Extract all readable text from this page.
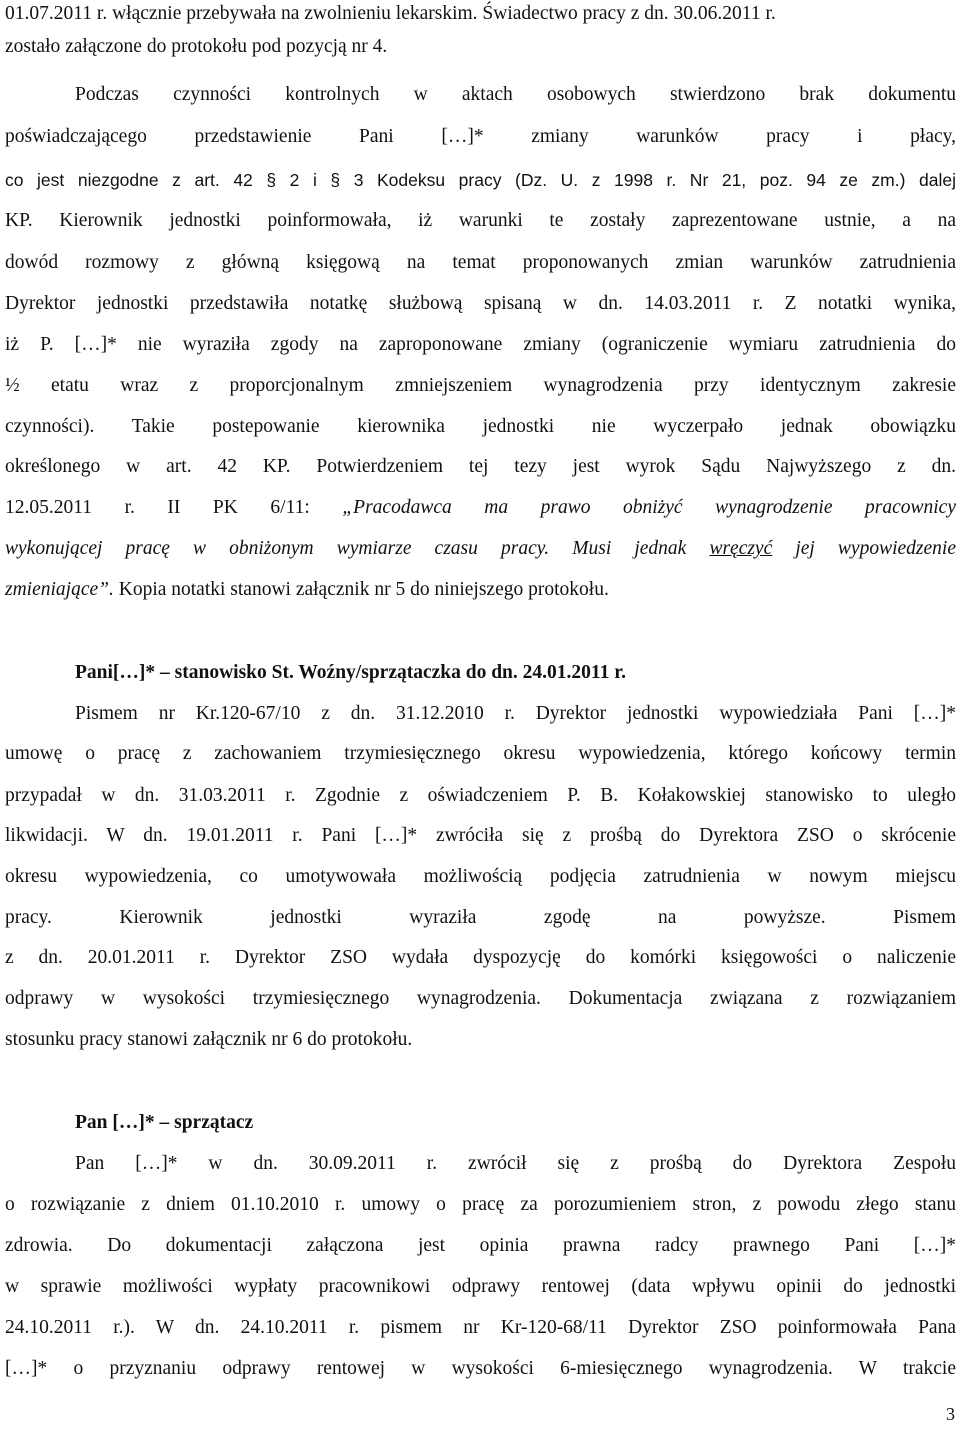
01.07.2011 r. włącznie przebywała na zwolnieniu lekarskim. Świadectwo pracy z dn. 30.06.2011 r.
zostało załączone do protokołu pod pozycją nr 4.
Podczas czynności kontrolnych w aktach osobowych stwierdzono brak dokumentu
poświadczającego przedstawienie Pani […]* zmiany warunków pracy i płacy,
co jest niezgodne z art. 42 § 2 i § 3 Kodeksu pracy (Dz. U. z 1998 r. Nr 21, poz. 94 ze zm.) dalej
KP. Kierownik jednostki poinformowała, iż warunki te zostały zaprezentowane ustnie, a na
dowód rozmowy z główną księgową na temat proponowanych zmian warunków zatrudnienia
Dyrektor jednostki przedstawiła notatkę służbową spisaną w dn. 14.03.2011 r. Z notatki wynika,
iż P. […]* nie wyraziła zgody na zaproponowane zmiany (ograniczenie wymiaru zatrudnienia do
½ etatu wraz z proporcjonalnym zmniejszeniem wynagrodzenia przy identycznym zakresie
czynności). Takie postepowanie kierownika jednostki nie wyczerpało jednak obowiązku
określonego w art. 42 KP. Potwierdzeniem tej tezy jest wyrok Sądu Najwyższego z dn.
12.05.2011 r. II PK 6/11: „Pracodawca ma prawo obniżyć wynagrodzenie pracownicy
wykonującej pracę w obniżonym wymiarze czasu pracy. Musi jednak wręczyć jej wypowiedzenie
zmieniające”. Kopia notatki stanowi załącznik nr 5 do niniejszego protokołu.
Pani[…]* – stanowisko St. Woźny/sprzątaczka do dn. 24.01.2011 r.
Pismem nr Kr.120-67/10 z dn. 31.12.2010 r. Dyrektor jednostki wypowiedziała Pani […]*
umowę o pracę z zachowaniem trzymiesięcznego okresu wypowiedzenia, którego końcowy termin
przypadał w dn. 31.03.2011 r. Zgodnie z oświadczeniem P. B. Kołakowskiej stanowisko to uległo
likwidacji. W dn. 19.01.2011 r. Pani […]* zwróciła się z prośbą do Dyrektora ZSO o skrócenie
okresu wypowiedzenia, co umotywowała możliwością podjęcia zatrudnienia w nowym miejscu
pracy. Kierownik jednostki wyraziła zgodę na powyższe. Pismem
z dn. 20.01.2011 r. Dyrektor ZSO wydała dyspozycję do komórki księgowości o naliczenie
odprawy w wysokości trzymiesięcznego wynagrodzenia. Dokumentacja związana z rozwiązaniem
stosunku pracy stanowi załącznik nr 6 do protokołu.
Pan […]* – sprzątacz
Pan […]* w dn. 30.09.2011 r. zwrócił się z prośbą do Dyrektora Zespołu
o rozwiązanie z dniem 01.10.2010 r. umowy o pracę za porozumieniem stron, z powodu złego stanu
zdrowia. Do dokumentacji załączona jest opinia prawna radcy prawnego Pani […]*
w sprawie możliwości wypłaty pracownikowi odprawy rentowej (data wpływu opinii do jednostki
24.10.2011 r.). W dn. 24.10.2011 r. pismem nr Kr-120-68/11 Dyrektor ZSO poinformowała Pana
[…]* o przyznaniu odprawy rentowej w wysokości 6-miesięcznego wynagrodzenia. W trakcie
3
